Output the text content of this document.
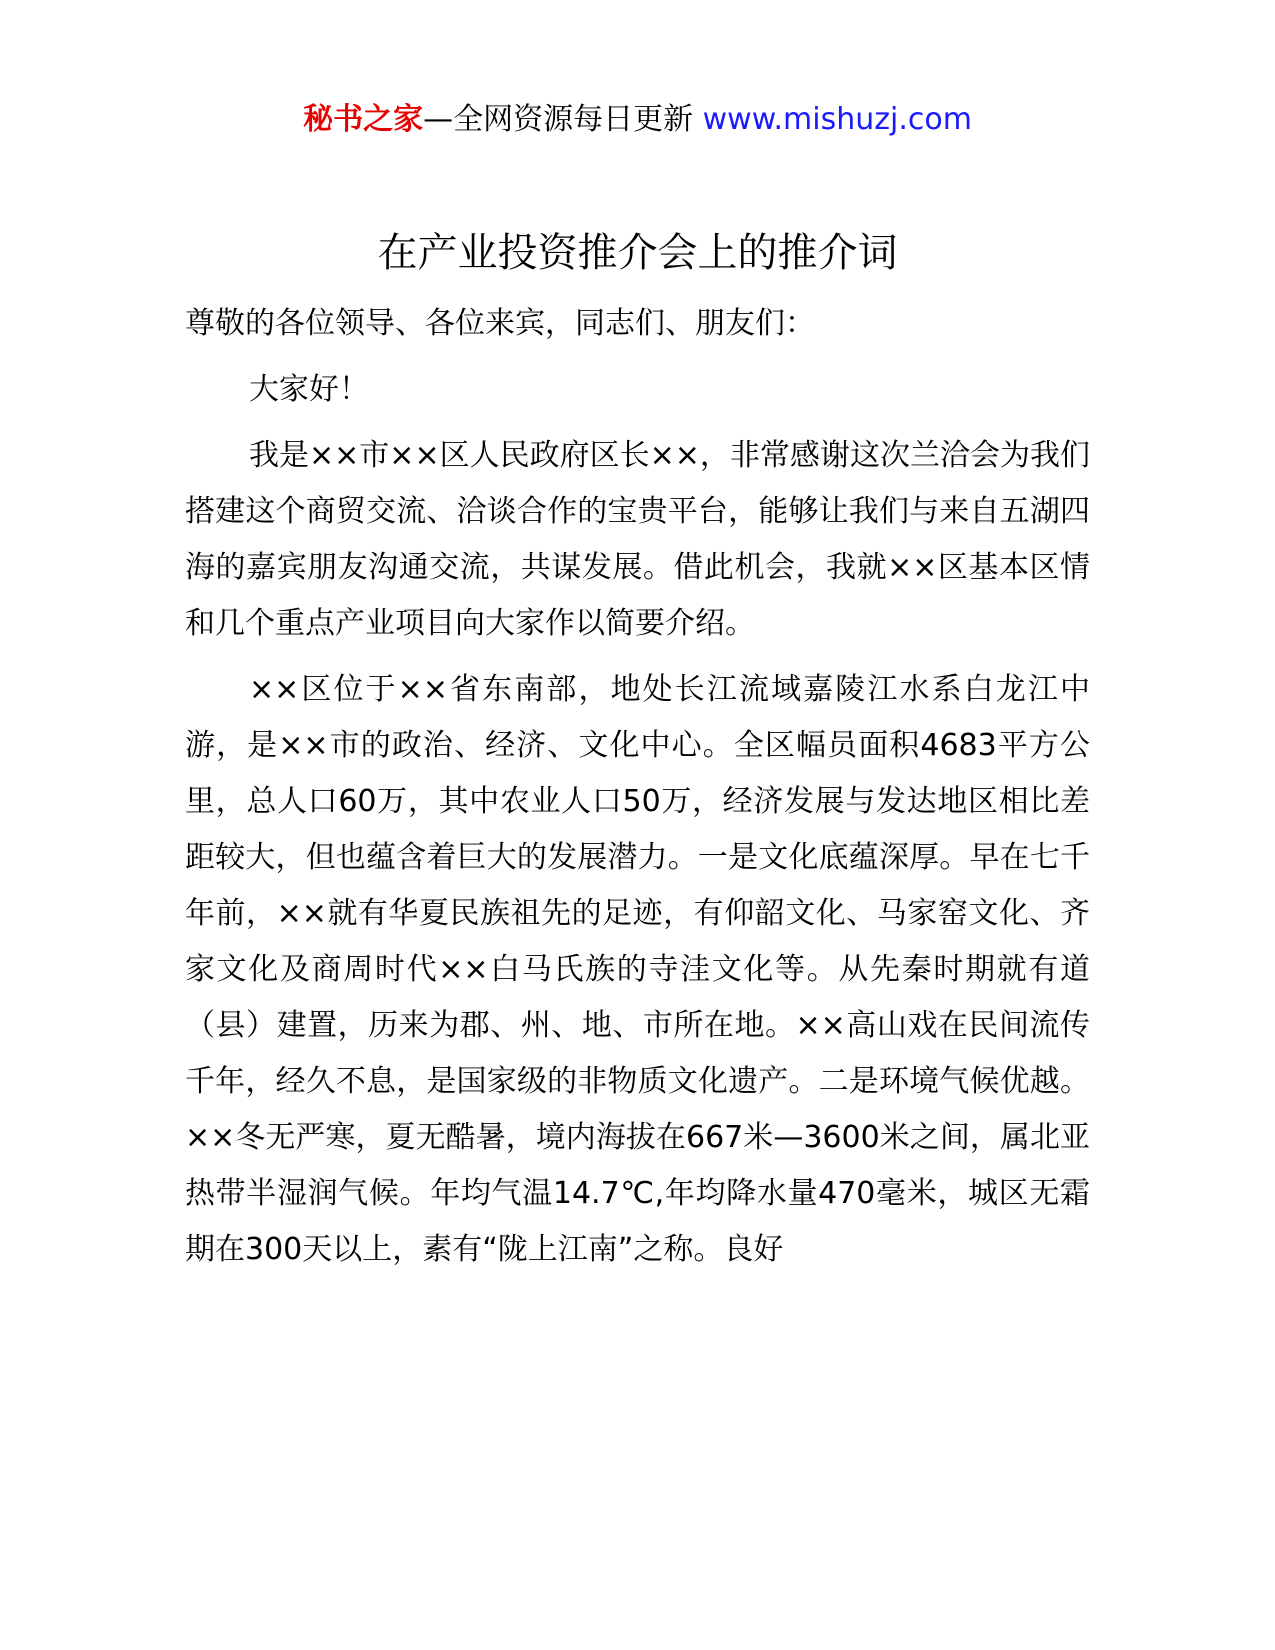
秘书之家—全网资源每日更新 www.mishuzj.com
在产业投资推介会上的推介词

尊敬的各位领导、各位来宾，同志们、朋友们：

大家好！

我是××市××区人民政府区长××，非常感谢这次兰洽会为我们搭建这个商贸交流、洽谈合作的宝贵平台，能够让我们与来自五湖四海的嘉宾朋友沟通交流，共谋发展。借此机会，我就××区基本区情和几个重点产业项目向大家作以简要介绍。

××区位于××省东南部，地处长江流域嘉陵江水系白龙江中游，是××市的政治、经济、文化中心。全区幅员面积4683平方公里，总人口60万，其中农业人口50万，经济发展与发达地区相比差距较大，但也蕴含着巨大的发展潜力。一是文化底蕴深厚。早在七千年前，××就有华夏民族祖先的足迹，有仰韶文化、马家窑文化、齐家文化及商周时代××白马氏族的寺洼文化等。从先秦时期就有道（县）建置，历来为郡、州、地、市所在地。××高山戏在民间流传千年，经久不息，是国家级的非物质文化遗产。二是环境气候优越。××冬无严寒，夏无酷暑，境内海拔在667米—3600米之间，属北亚热带半湿润气候。年均气温14.7℃,年均降水量470毫米，城区无霜期在300天以上，素有“陇上江南”之称。良好
